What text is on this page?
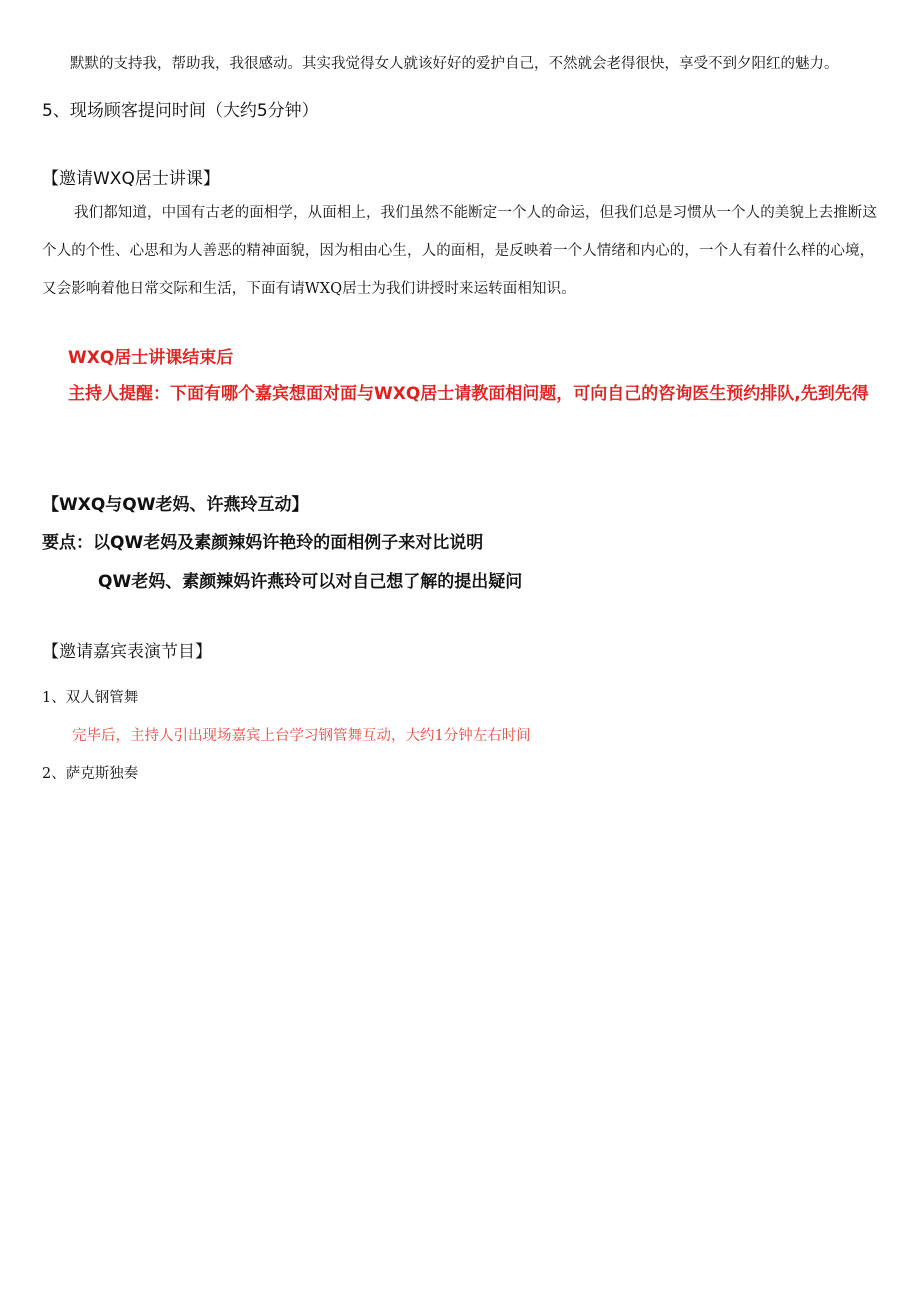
默默的支持我，帮助我，我很感动。其实我觉得女人就该好好的爱护自己，不然就会老得很快，享受不到夕阳红的魅力。

5、现场顾客提问时间（大约5分钟）

【邀请WXQ居士讲课】

我们都知道，中国有古老的面相学，从面相上，我们虽然不能断定一个人的命运，但我们总是习惯从一个人的美貌上去推断这个人的个性、心思和为人善恶的精神面貌，因为相由心生，人的面相，是反映着一个人情绪和内心的，一个人有着什么样的心境，又会影响着他日常交际和生活，下面有请WXQ居士为我们讲授时来运转面相知识。

WXQ居士讲课结束后

主持人提醒：下面有哪个嘉宾想面对面与WXQ居士请教面相问题，可向自己的咨询医生预约排队,先到先得

【WXQ与QW老妈、许燕玲互动】

要点：以QW老妈及素颜辣妈许艳玲的面相例子来对比说明

QW老妈、素颜辣妈许燕玲可以对自己想了解的提出疑问

【邀请嘉宾表演节目】

1、双人钢管舞

完毕后，主持人引出现场嘉宾上台学习钢管舞互动，大约1分钟左右时间

2、萨克斯独奏
